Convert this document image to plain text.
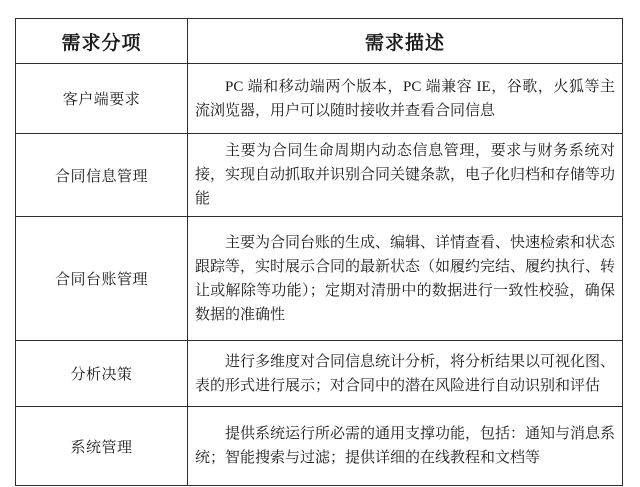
需求分项	需求描述
客户端要求	PC 端和移动端两个版本，PC 端兼容 IE，谷歌，火狐等主流浏览器，用户可以随时接收并查看合同信息
合同信息管理	主要为合同生命周期内动态信息管理，要求与财务系统对接，实现自动抓取并识别合同关键条款，电子化归档和存储等功能
合同台账管理	主要为合同台账的生成、编辑、详情查看、快速检索和状态跟踪等，实时展示合同的最新状态（如履约完结、履约执行、转让或解除等功能）；定期对清册中的数据进行一致性校验，确保数据的准确性
分析决策	进行多维度对合同信息统计分析，将分析结果以可视化图、表的形式进行展示；对合同中的潜在风险进行自动识别和评估
系统管理	提供系统运行所必需的通用支撑功能，包括：通知与消息系统；智能搜索与过滤；提供详细的在线教程和文档等
